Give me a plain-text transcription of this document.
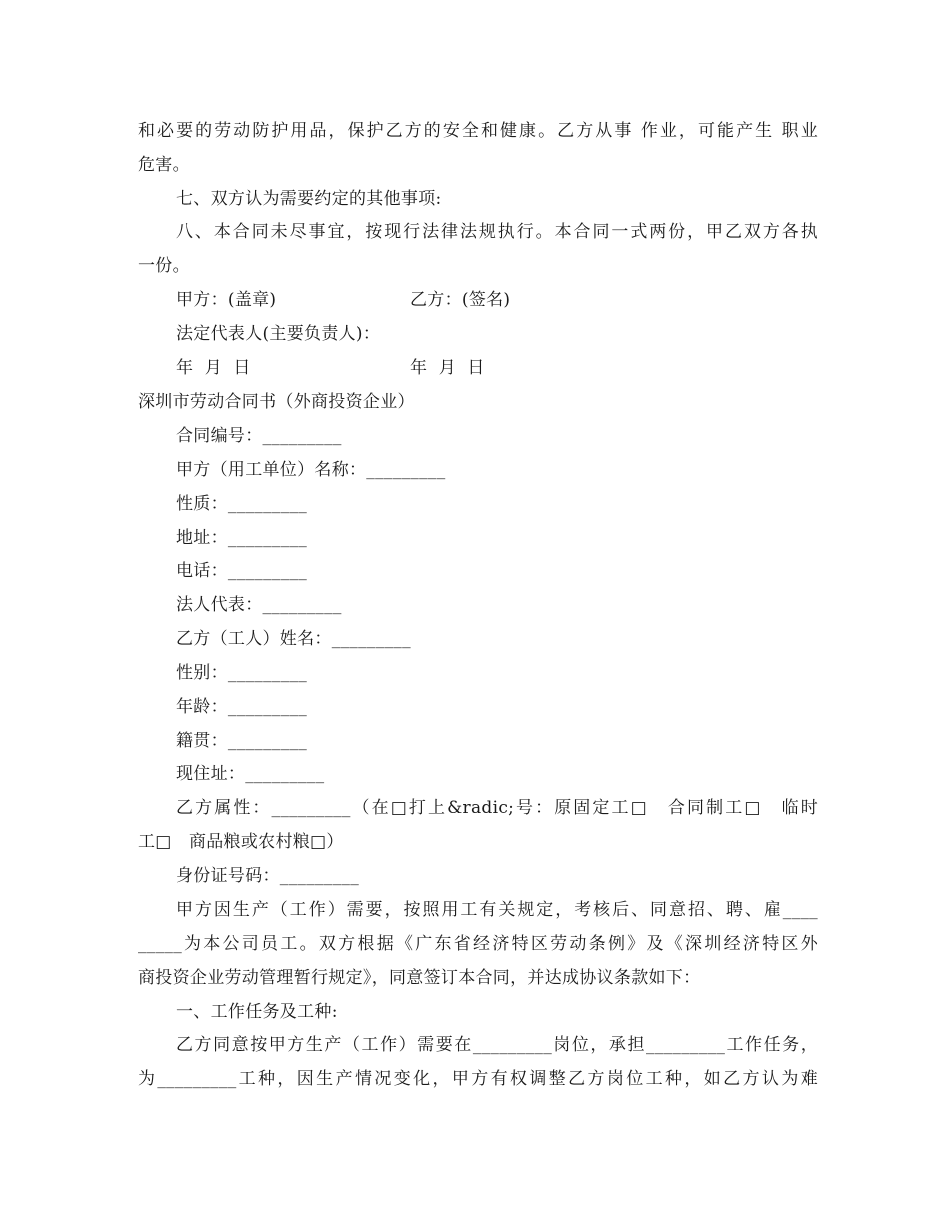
和必要的劳动防护用品，保护乙方的安全和健康。乙方从事 作业，可能产生 职业
危害。
七、双方认为需要约定的其他事项:
八、本合同未尽事宜，按现行法律法规执行。本合同一式两份，甲乙双方各执
一份。
甲方：(盖章)	乙方：(签名)
法定代表人(主要负责人)：
年  月  日	年  月  日
深圳市劳动合同书（外商投资企业）
合同编号：_________
甲方（用工单位）名称：_________
性质：_________
地址：_________
电话：_________
法人代表：_________
乙方（工人）姓名：_________
性别：_________
年龄：_________
籍贯：_________
现住址：_________
乙方属性：_________（在□打上&radic;号：原固定工□　合同制工□　临时
工□　商品粮或农村粮□）
身份证号码：_________
甲方因生产（工作）需要，按照用工有关规定，考核后、同意招、聘、雇____
_____为本公司员工。双方根据《广东省经济特区劳动条例》及《深圳经济特区外
商投资企业劳动管理暂行规定》，同意签订本合同，并达成协议条款如下：
一、工作任务及工种:
乙方同意按甲方生产（工作）需要在_________岗位，承担_________工作任务，
为_________工种，因生产情况变化，甲方有权调整乙方岗位工种，如乙方认为难
